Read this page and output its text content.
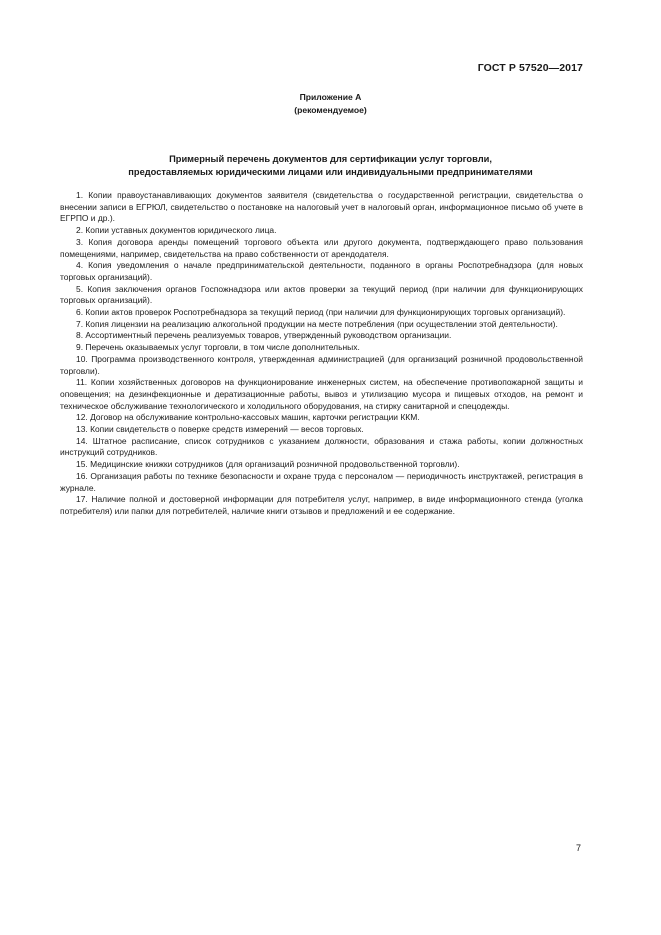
ГОСТ Р 57520—2017
Приложение А
(рекомендуемое)
Примерный перечень документов для сертификации услуг торговли,
предоставляемых юридическими лицами или индивидуальными предпринимателями

1. Копии правоустанавливающих документов заявителя (свидетельства о государственной регистрации, свидетельства о внесении записи в ЕГРЮЛ, свидетельство о постановке на налоговый учет в налоговый орган, информационное письмо об учете в ЕГРПО и др.).

2. Копии уставных документов юридического лица.

3. Копия договора аренды помещений торгового объекта или другого документа, подтверждающего право пользования помещениями, например, свидетельства на право собственности от арендодателя.

4. Копия уведомления о начале предпринимательской деятельности, поданного в органы Роспотребнадзора (для новых торговых организаций).

5. Копия заключения органов Госпожнадзора или актов проверки за текущий период (при наличии для функционирующих торговых организаций).

6. Копии актов проверок Роспотребнадзора за текущий период (при наличии для функционирующих торговых организаций).

7. Копия лицензии на реализацию алкогольной продукции на месте потребления (при осуществлении этой деятельности).

8. Ассортиментный перечень реализуемых товаров, утвержденный руководством организации.

9. Перечень оказываемых услуг торговли, в том числе дополнительных.

10. Программа производственного контроля, утвержденная администрацией (для организаций розничной продовольственной торговли).

11. Копии хозяйственных договоров на функционирование инженерных систем, на обеспечение противопожарной защиты и оповещения; на дезинфекционные и дератизационные работы, вывоз и утилизацию мусора и пищевых отходов, на ремонт и техническое обслуживание технологического и холодильного оборудования, на стирку санитарной и спецодежды.

12. Договор на обслуживание контрольно-кассовых машин, карточки регистрации ККМ.

13. Копии свидетельств о поверке средств измерений — весов торговых.

14. Штатное расписание, список сотрудников с указанием должности, образования и стажа работы, копии должностных инструкций сотрудников.

15. Медицинские книжки сотрудников (для организаций розничной продовольственной торговли).

16. Организация работы по технике безопасности и охране труда с персоналом — периодичность инструктажей, регистрация в журнале.

17. Наличие полной и достоверной информации для потребителя услуг, например, в виде информационного стенда (уголка потребителя) или папки для потребителей, наличие книги отзывов и предложений и ее содержание.

7
